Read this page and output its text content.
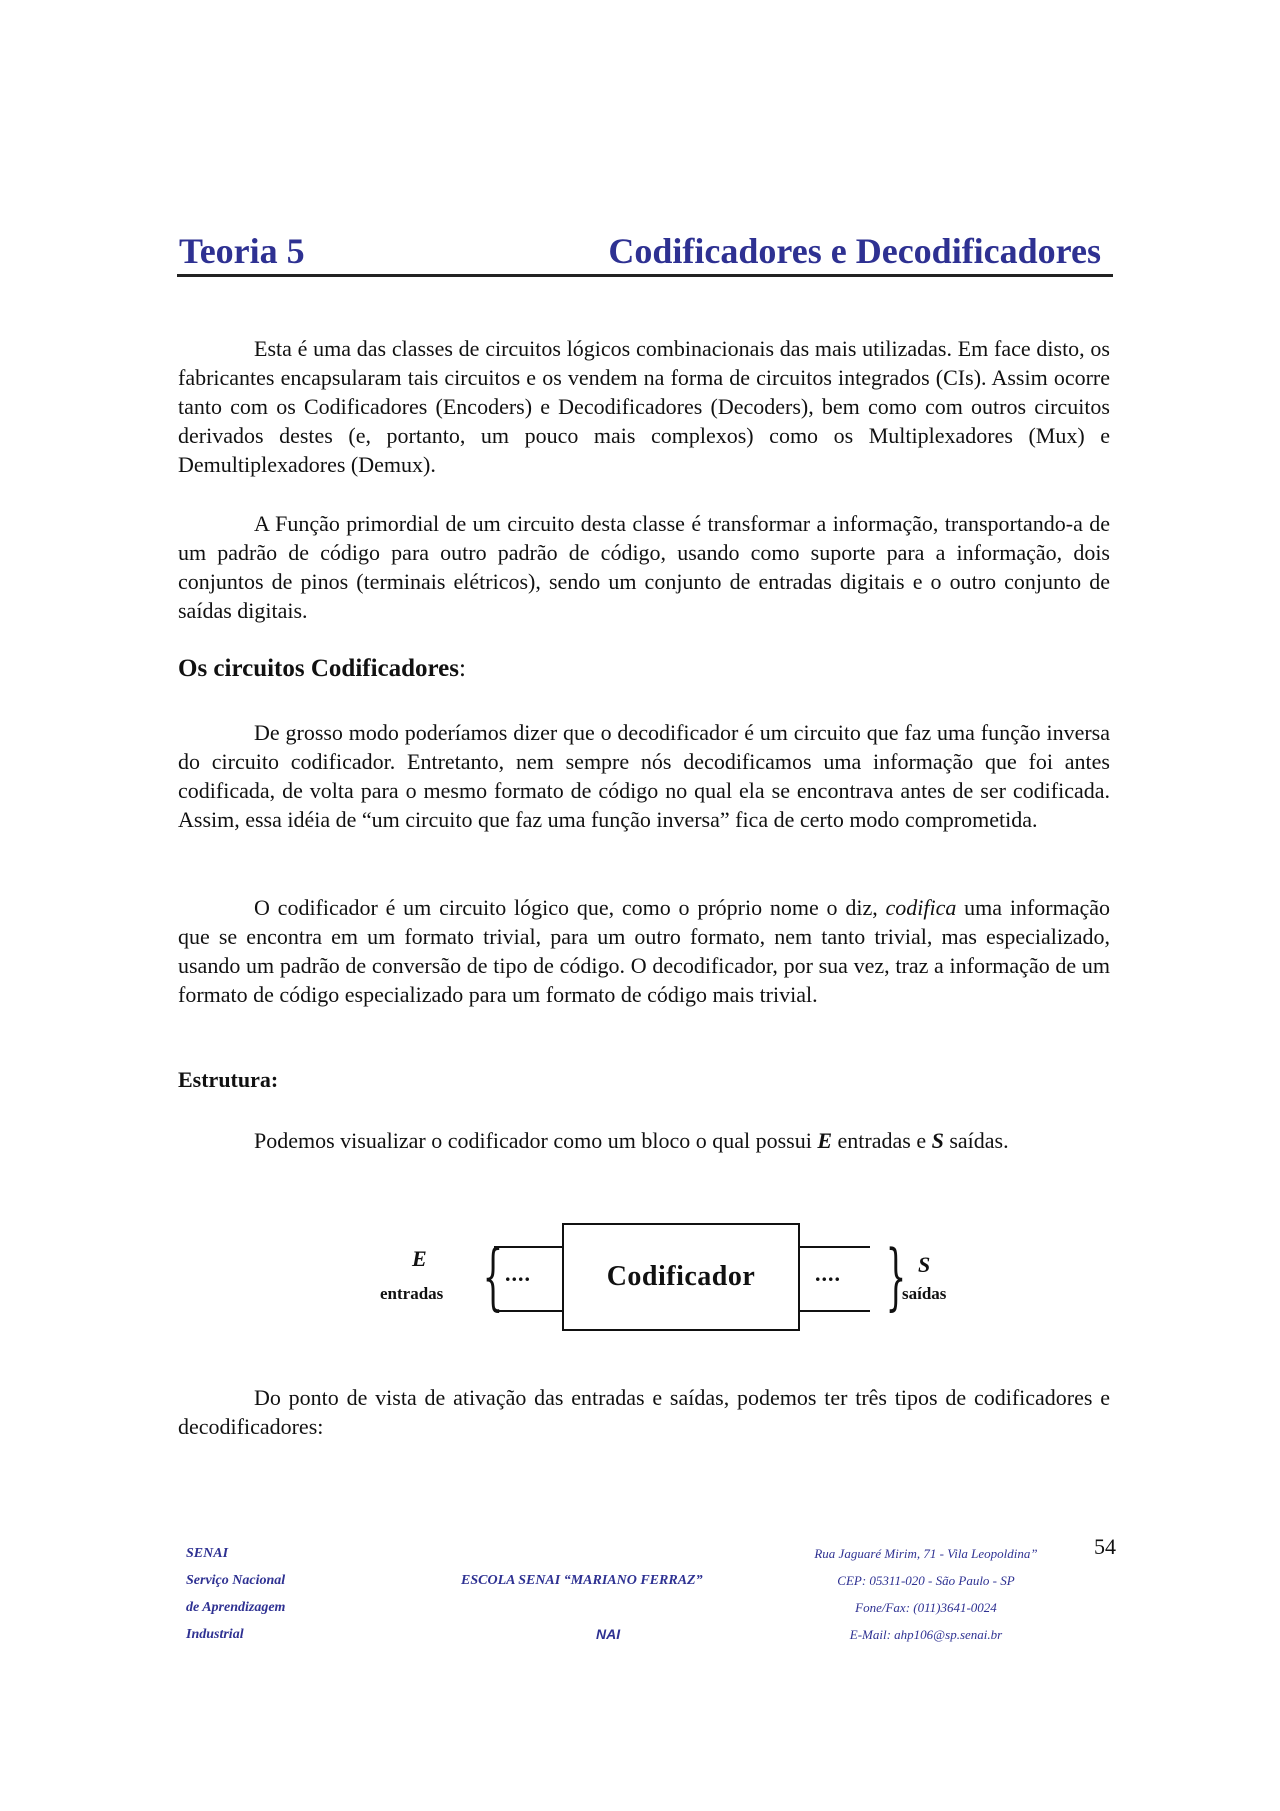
Teoria 5	Codificadores e Decodificadores

Esta é uma das classes de circuitos lógicos combinacionais das mais utilizadas. Em face disto, os fabricantes encapsularam tais circuitos e os vendem na forma de circuitos integrados (CIs). Assim ocorre tanto com os Codificadores (Encoders) e Decodificadores (Decoders), bem como com outros circuitos derivados destes (e, portanto, um pouco mais complexos) como os Multiplexadores (Mux) e Demultiplexadores (Demux).

A Função primordial de um circuito desta classe é transformar a informação, transportando-a de um padrão de código para outro padrão de código, usando como suporte para a informação, dois conjuntos de pinos (terminais elétricos), sendo um conjunto de entradas digitais e o outro conjunto de saídas digitais.

Os circuitos Codificadores:

De grosso modo poderíamos dizer que o decodificador é um circuito que faz uma função inversa do circuito codificador. Entretanto, nem sempre nós decodificamos uma informação que foi antes codificada, de volta para o mesmo formato de código no qual ela se encontrava antes de ser codificada. Assim, essa idéia de “um circuito que faz uma função inversa” fica de certo modo comprometida.

O codificador é um circuito lógico que, como o próprio nome o diz, codifica uma informação que se encontra em um formato trivial, para um outro formato, nem tanto trivial, mas especializado, usando um padrão de conversão de tipo de código. O decodificador, por sua vez, traz a informação de um formato de código especializado para um formato de código mais trivial.

Estrutura:

Podemos visualizar o codificador como um bloco o qual possui E entradas e S saídas.

E
entradas { ....	Codificador	.... } S
saídas

Do ponto de vista de ativação das entradas e saídas, podemos ter três tipos de codificadores e decodificadores:

SENAI
Serviço Nacional
de Aprendizagem
Industrial
ESCOLA SENAI “MARIANO FERRAZ”
NAI
Rua Jaguaré Mirim, 71 - Vila Leopoldina”
CEP: 05311-020 - São Paulo - SP
Fone/Fax: (011)3641-0024
E-Mail: ahp106@sp.senai.br
54
